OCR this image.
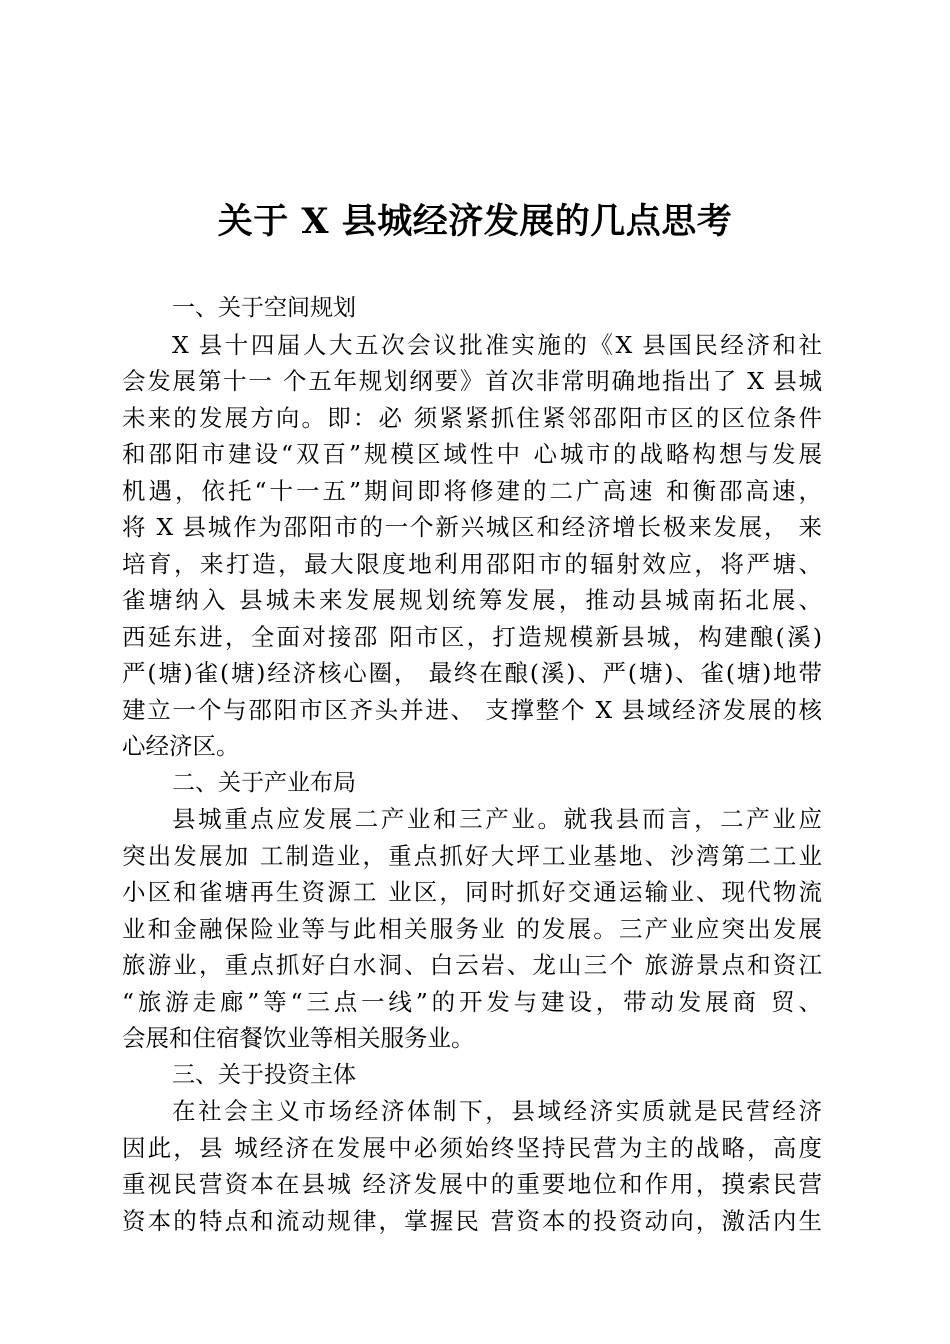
关于 X 县城经济发展的几点思考

一、关于空间规划

X 县十四届人大五次会议批准实施的《X 县国民经济和社

会发展第十一 个五年规划纲要》首次非常明确地指出了 X 县城

未来的发展方向。即：必 须紧紧抓住紧邻邵阳市区的区位条件

和邵阳市建设“双百”规模区域性中 心城市的战略构想与发展

机遇，依托“十一五”期间即将修建的二广高速 和衡邵高速，

将 X 县城作为邵阳市的一个新兴城区和经济增长极来发展， 来

培育，来打造，最大限度地利用邵阳市的辐射效应，将严塘、

雀塘纳入 县城未来发展规划统筹发展，推动县城南拓北展、

西延东进，全面对接邵 阳市区，打造规模新县城，构建酿(溪)

严(塘)雀(塘)经济核心圈， 最终在酿(溪)、严(塘)、雀(塘)地带

建立一个与邵阳市区齐头并进、 支撑整个 X 县域经济发展的核

心经济区。

二、关于产业布局

县城重点应发展二产业和三产业。就我县而言，二产业应

突出发展加 工制造业，重点抓好大坪工业基地、沙湾第二工业

小区和雀塘再生资源工 业区，同时抓好交通运输业、现代物流

业和金融保险业等与此相关服务业 的发展。三产业应突出发展

旅游业，重点抓好白水洞、白云岩、龙山三个 旅游景点和资江

“旅游走廊”等“三点一线”的开发与建设，带动发展商 贸、

会展和住宿餐饮业等相关服务业。

三、关于投资主体

在社会主义市场经济体制下，县域经济实质就是民营经济

因此，县 城经济在发展中必须始终坚持民营为主的战略，高度

重视民营资本在县城 经济发展中的重要地位和作用，摸索民营

资本的特点和流动规律，掌握民 营资本的投资动向，激活内生
